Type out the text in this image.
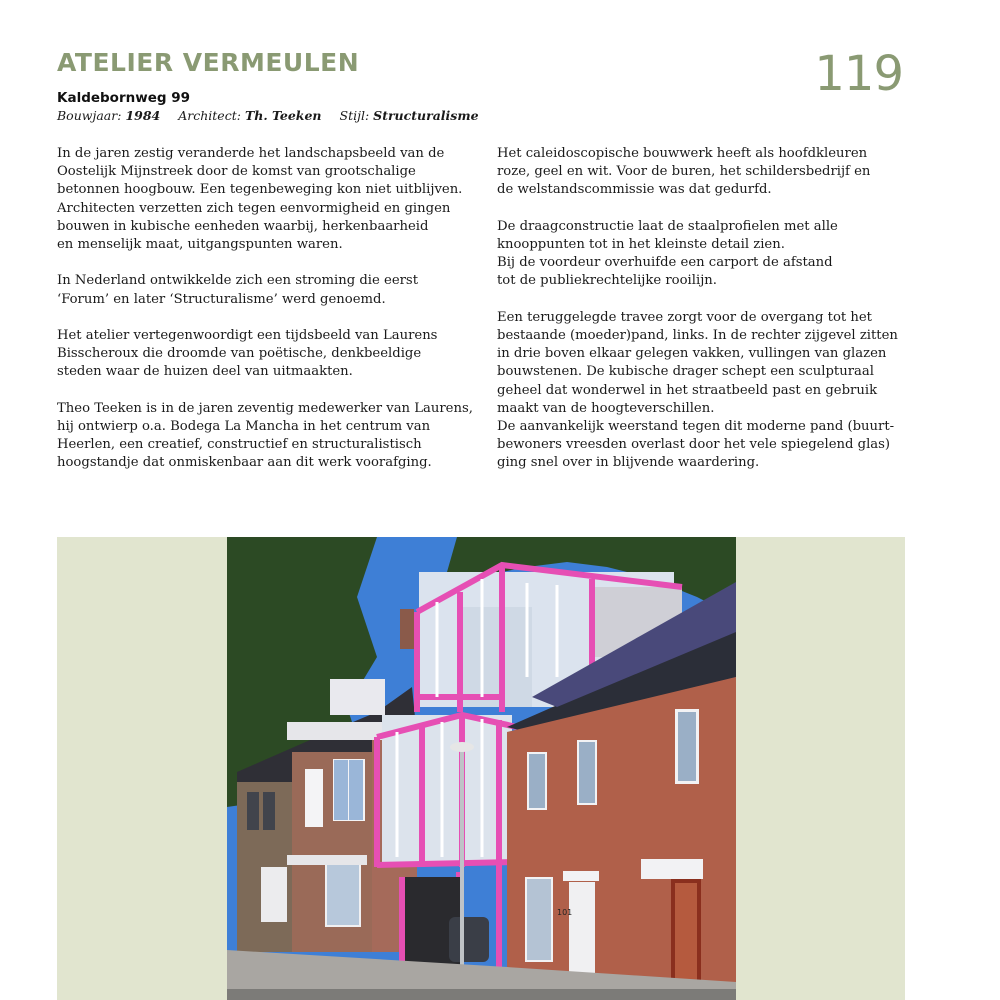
ATELIER VERMEULEN	119
Kaldebornweg 99
Bouwjaar: 1984 Architect: Th. Teeken Stijl: Structuralisme

In de jaren zestig veranderde het landschapsbeeld van de
Oostelijk Mijnstreek door de komst van grootschalige
betonnen hoogbouw. Een tegenbeweging kon niet uitblijven.
Architecten verzetten zich tegen eenvormigheid en gingen
bouwen in kubische eenheden waarbij, herkenbaarheid
en menselijk maat, uitgangspunten waren.

In Nederland ontwikkelde zich een stroming die eerst
‘Forum’ en later ‘Structuralisme’ werd genoemd.

Het atelier vertegenwoordigt een tijdsbeeld van Laurens
Bisscheroux die droomde van poëtische, denkbeeldige
steden waar de huizen deel van uitmaakten.

Theo Teeken is in de jaren zeventig medewerker van Laurens,
hij ontwierp o.a. Bodega La Mancha in het centrum van
Heerlen, een creatief, constructief en structuralistisch
hoogstandje dat onmiskenbaar aan dit werk voorafging.

Het caleidoscopische bouwwerk heeft als hoofdkleuren
roze, geel en wit. Voor de buren, het schildersbedrijf en
de welstandscommissie was dat gedurfd.

De draagconstructie laat de staalprofielen met alle
knooppunten tot in het kleinste detail zien.
Bij de voordeur overhuifde een carport de afstand
tot de publiekrechtelijke rooilijn.

Een teruggelegde travee zorgt voor de overgang tot het
bestaande (moeder)pand, links. In de rechter zijgevel zitten
in drie boven elkaar gelegen vakken, vullingen van glazen
bouwstenen. De kubische drager schept een sculpturaal
geheel dat wonderwel in het straatbeeld past en gebruik
maakt van de hoogteverschillen.
De aanvankelijk weerstand tegen dit moderne pand (buurt-
bewoners vreesden overlast door het vele spiegelend glas)
ging snel over in blijvende waardering.

101
